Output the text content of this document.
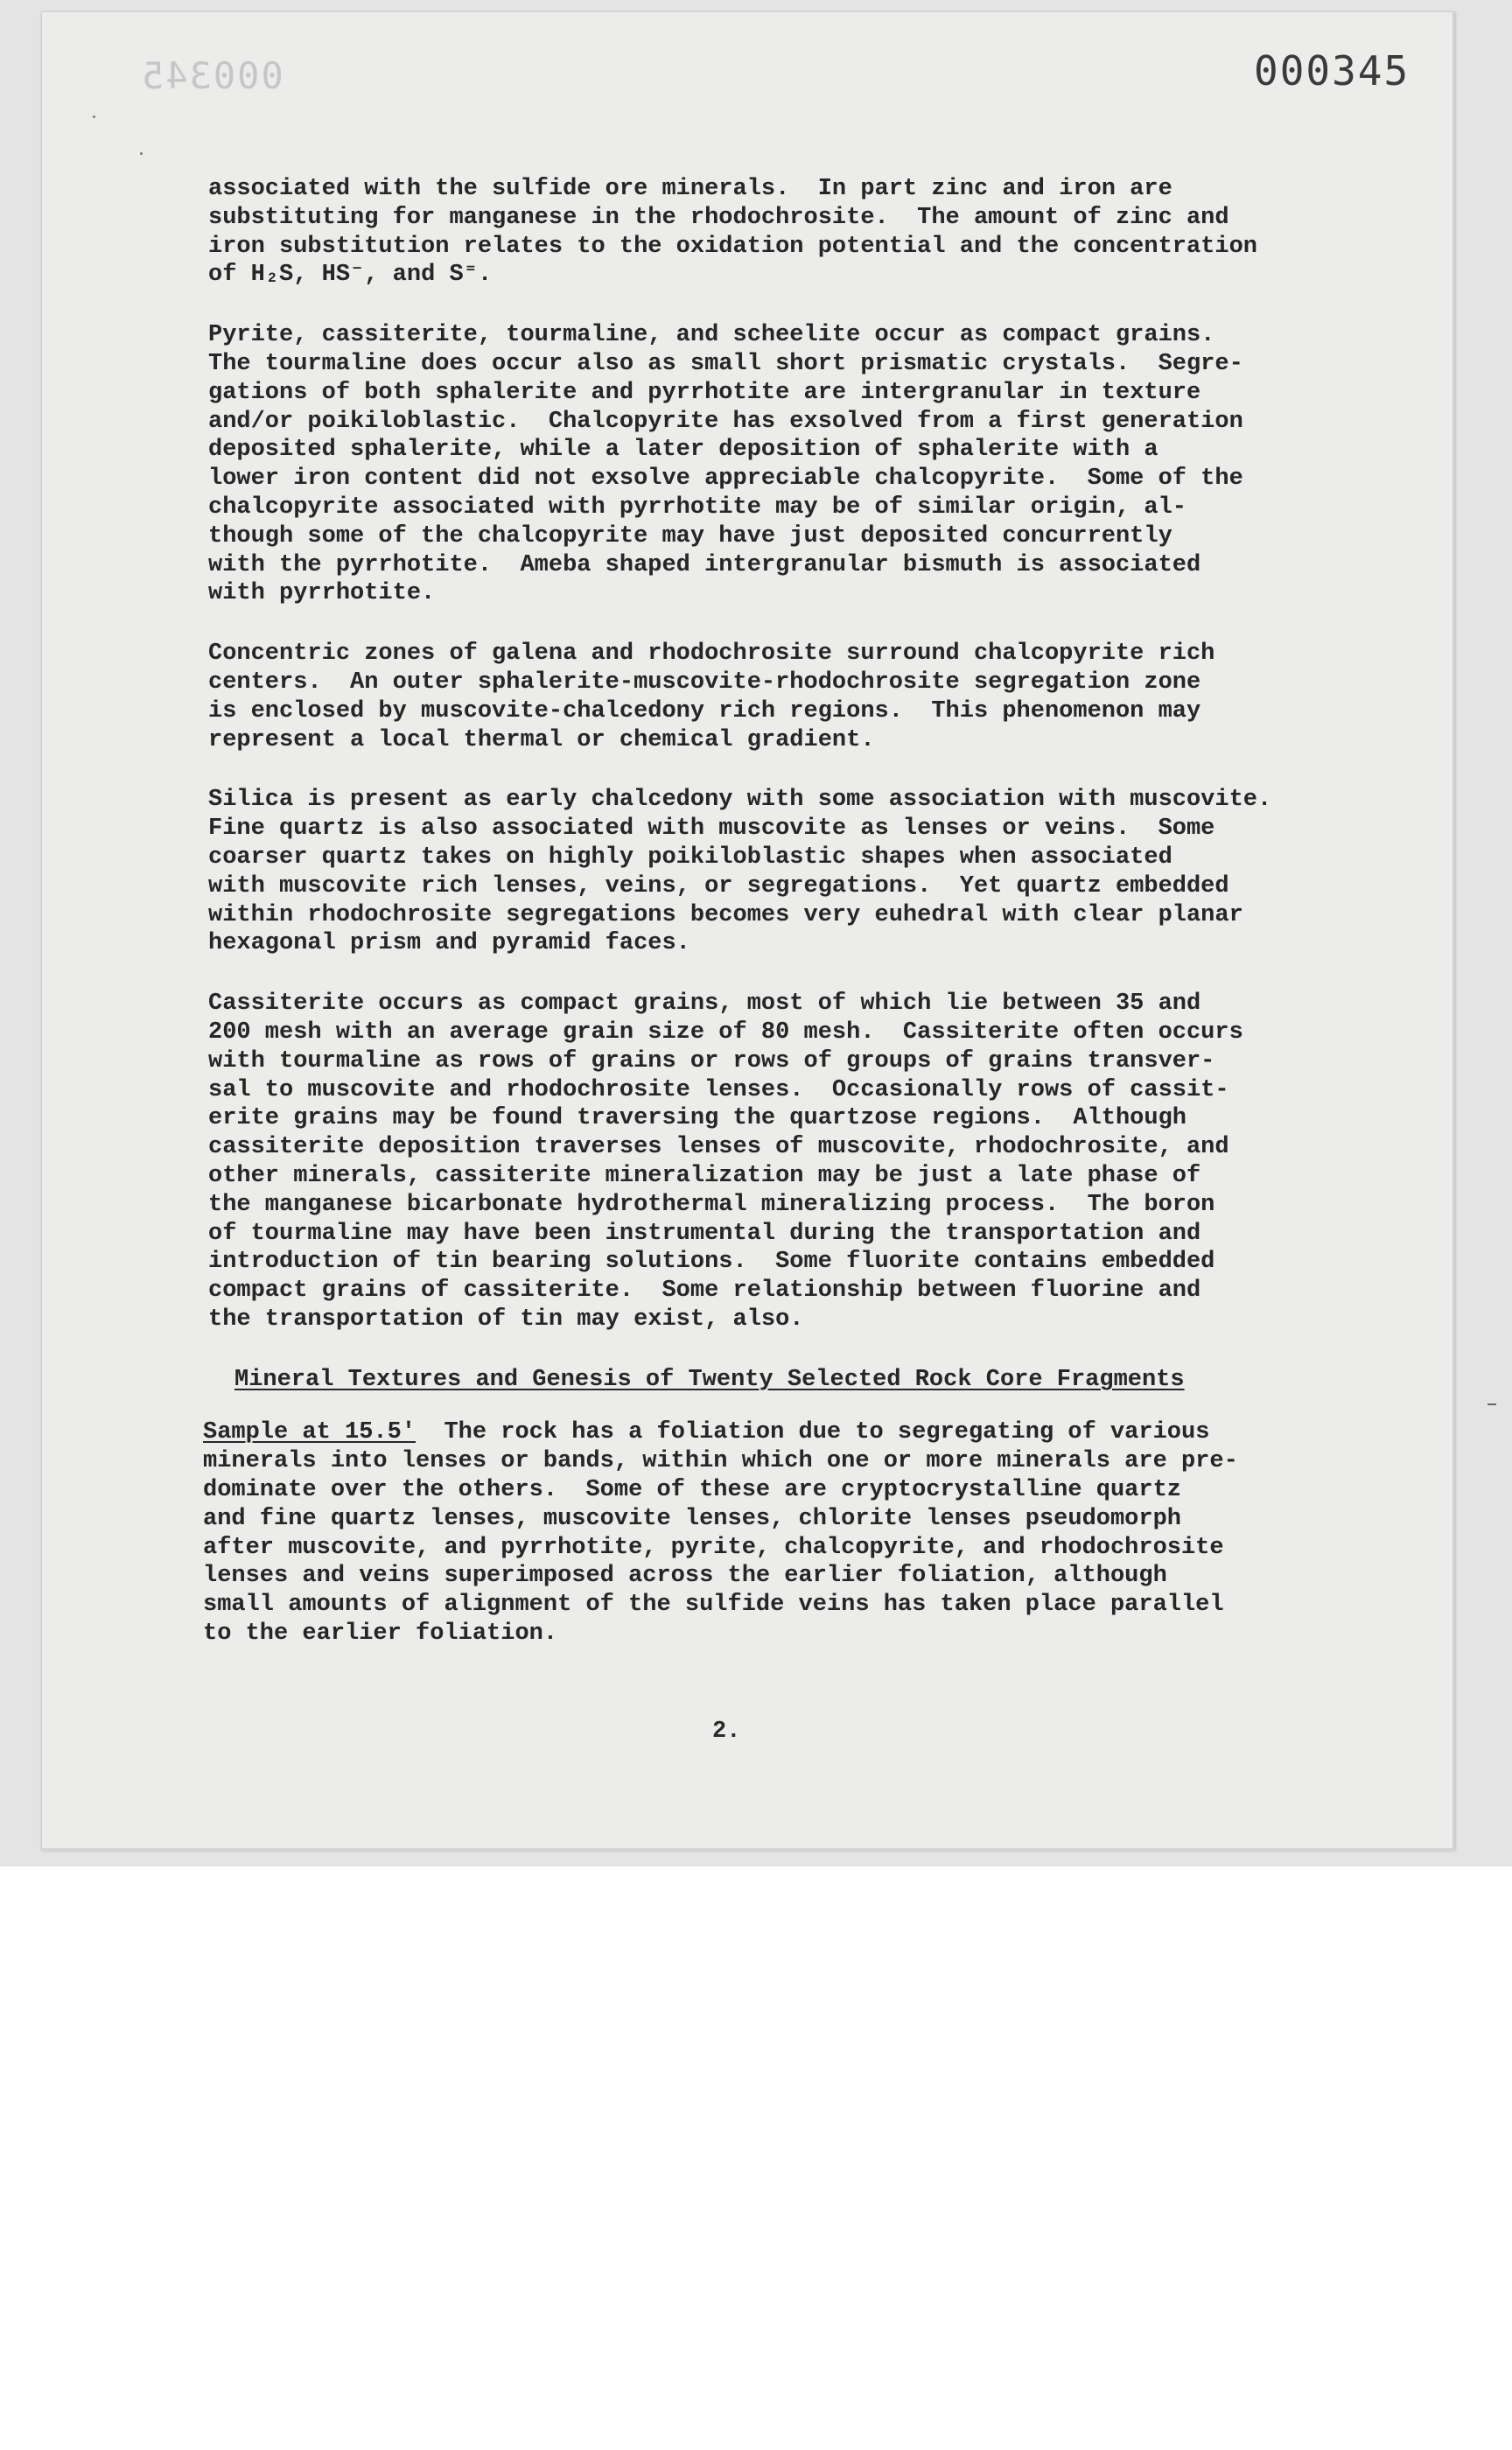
000345	000345
2.

associated with the sulfide ore minerals.  In part zinc and iron are
substituting for manganese in the rhodochrosite.  The amount of zinc and
iron substitution relates to the oxidation potential and the concentration
of H₂S, HS⁻, and S⁼.

Pyrite, cassiterite, tourmaline, and scheelite occur as compact grains.
The tourmaline does occur also as small short prismatic crystals.  Segre-
gations of both sphalerite and pyrrhotite are intergranular in texture
and/or poikiloblastic.  Chalcopyrite has exsolved from a first generation
deposited sphalerite, while a later deposition of sphalerite with a
lower iron content did not exsolve appreciable chalcopyrite.  Some of the
chalcopyrite associated with pyrrhotite may be of similar origin, al-
though some of the chalcopyrite may have just deposited concurrently
with the pyrrhotite.  Ameba shaped intergranular bismuth is associated
with pyrrhotite.

Concentric zones of galena and rhodochrosite surround chalcopyrite rich
centers.  An outer sphalerite-muscovite-rhodochrosite segregation zone
is enclosed by muscovite-chalcedony rich regions.  This phenomenon may
represent a local thermal or chemical gradient.

Silica is present as early chalcedony with some association with muscovite.
Fine quartz is also associated with muscovite as lenses or veins.  Some
coarser quartz takes on highly poikiloblastic shapes when associated
with muscovite rich lenses, veins, or segregations.  Yet quartz embedded
within rhodochrosite segregations becomes very euhedral with clear planar
hexagonal prism and pyramid faces.

Cassiterite occurs as compact grains, most of which lie between 35 and
200 mesh with an average grain size of 80 mesh.  Cassiterite often occurs
with tourmaline as rows of grains or rows of groups of grains transver-
sal to muscovite and rhodochrosite lenses.  Occasionally rows of cassit-
erite grains may be found traversing the quartzose regions.  Although
cassiterite deposition traverses lenses of muscovite, rhodochrosite, and
other minerals, cassiterite mineralization may be just a late phase of
the manganese bicarbonate hydrothermal mineralizing process.  The boron
of tourmaline may have been instrumental during the transportation and
introduction of tin bearing solutions.  Some fluorite contains embedded
compact grains of cassiterite.  Some relationship between fluorine and
the transportation of tin may exist, also.

Mineral Textures and Genesis of Twenty Selected Rock Core Fragments

Sample at 15.5'  The rock has a foliation due to segregating of various
minerals into lenses or bands, within which one or more minerals are pre-
dominate over the others.  Some of these are cryptocrystalline quartz
and fine quartz lenses, muscovite lenses, chlorite lenses pseudomorph
after muscovite, and pyrrhotite, pyrite, chalcopyrite, and rhodochrosite
lenses and veins superimposed across the earlier foliation, although
small amounts of alignment of the sulfide veins has taken place parallel
to the earlier foliation.
